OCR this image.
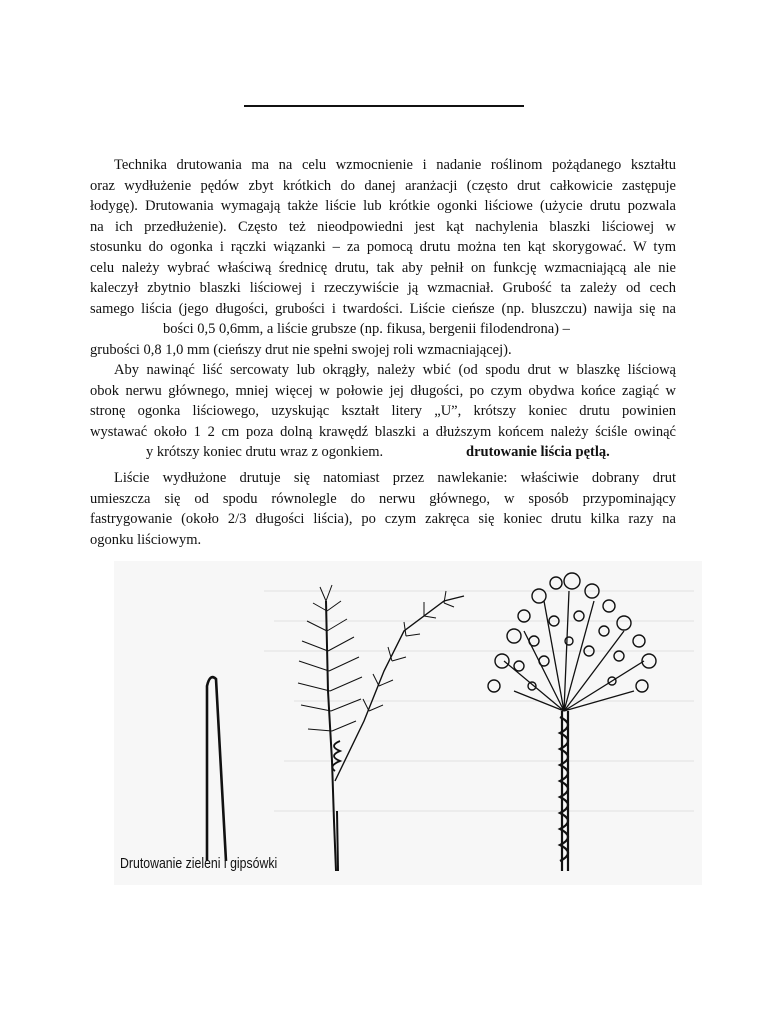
Technika drutowania ma na celu wzmocnienie i nadanie roślinom pożądanego kształtu
oraz wydłużenie pędów zbyt krótkich do danej aranżacji (często drut całkowicie zastępuje
łodygę). Drutowania wymagają także liście lub krótkie ogonki liściowe (użycie drutu pozwala
na ich przedłużenie). Często też nieodpowiedni jest kąt nachylenia blaszki liściowej w
stosunku do ogonka i rączki wiązanki – za pomocą drutu można ten kąt skorygować. W tym
celu należy wybrać właściwą średnicę drutu, tak aby pełnił on funkcję wzmacniającą ale nie
kaleczył zbytnio blaszki liściowej i rzeczywiście ją wzmacniał. Grubość ta zależy od cech
samego liścia (jego długości, grubości i twardości. Liście cieńsze (np. bluszczu) nawija się na
bości 0,5 0,6mm, a liście grubsze (np. fikusa, bergenii filodendrona) –
grubości 0,8 1,0 mm (cieńszy drut nie spełni swojej roli wzmacniającej).
Aby nawinąć liść sercowaty lub okrągły, należy wbić (od spodu drut w blaszkę liściową
obok nerwu głównego, mniej więcej w połowie jej długości, po czym obydwa końce zagiąć w
stronę ogonka liściowego, uzyskując kształt litery „U”, krótszy koniec drutu powinien
wystawać około 1 2 cm poza dolną krawędź blaszki a dłuższym końcem należy ściśle owinąć
y krótszy koniec drutu wraz z ogonkiem.	drutowanie liścia pętlą.
Liście wydłużone drutuje się natomiast przez nawlekanie: właściwie dobrany drut
umieszcza się od spodu równolegle do nerwu głównego, w sposób przypominający
fastrygowanie (około 2/3 długości liścia), po czym zakręca się koniec drutu kilka razy na
ogonku liściowym.
Drutowanie zieleni i gipsówki
